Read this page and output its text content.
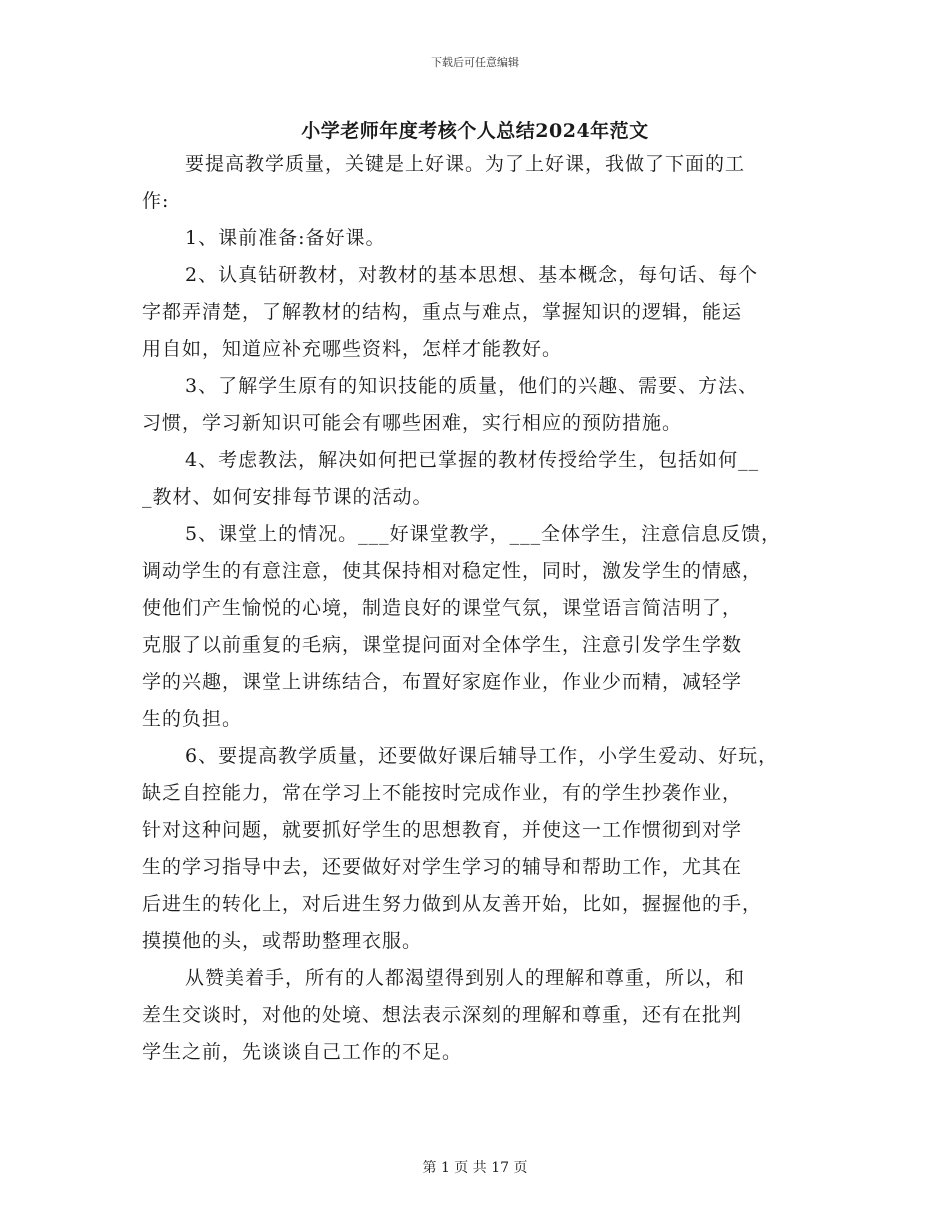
下载后可任意编辑
小学老师年度考核个人总结2024年范文
要提高教学质量，关键是上好课。为了上好课，我做了下面的工
作:
1、课前准备:备好课。
2、认真钻研教材，对教材的基本思想、基本概念，每句话、每个
字都弄清楚，了解教材的结构，重点与难点，掌握知识的逻辑，能运
用自如，知道应补充哪些资料，怎样才能教好。
3、了解学生原有的知识技能的质量，他们的兴趣、需要、方法、
习惯，学习新知识可能会有哪些困难，实行相应的预防措施。
4、考虑教法，解决如何把已掌握的教材传授给学生，包括如何__
_教材、如何安排每节课的活动。
5、课堂上的情况。___好课堂教学，___全体学生，注意信息反馈，
调动学生的有意注意，使其保持相对稳定性，同时，激发学生的情感，
使他们产生愉悦的心境，制造良好的课堂气氛，课堂语言简洁明了，
克服了以前重复的毛病，课堂提问面对全体学生，注意引发学生学数
学的兴趣，课堂上讲练结合，布置好家庭作业，作业少而精，减轻学
生的负担。
6、要提高教学质量，还要做好课后辅导工作，小学生爱动、好玩，
缺乏自控能力，常在学习上不能按时完成作业，有的学生抄袭作业，
针对这种问题，就要抓好学生的思想教育，并使这一工作惯彻到对学
生的学习指导中去，还要做好对学生学习的辅导和帮助工作，尤其在
后进生的转化上，对后进生努力做到从友善开始，比如，握握他的手，
摸摸他的头，或帮助整理衣服。
从赞美着手，所有的人都渴望得到别人的理解和尊重，所以，和
差生交谈时，对他的处境、想法表示深刻的理解和尊重，还有在批判
学生之前，先谈谈自己工作的不足。
第 1 页 共 17 页
